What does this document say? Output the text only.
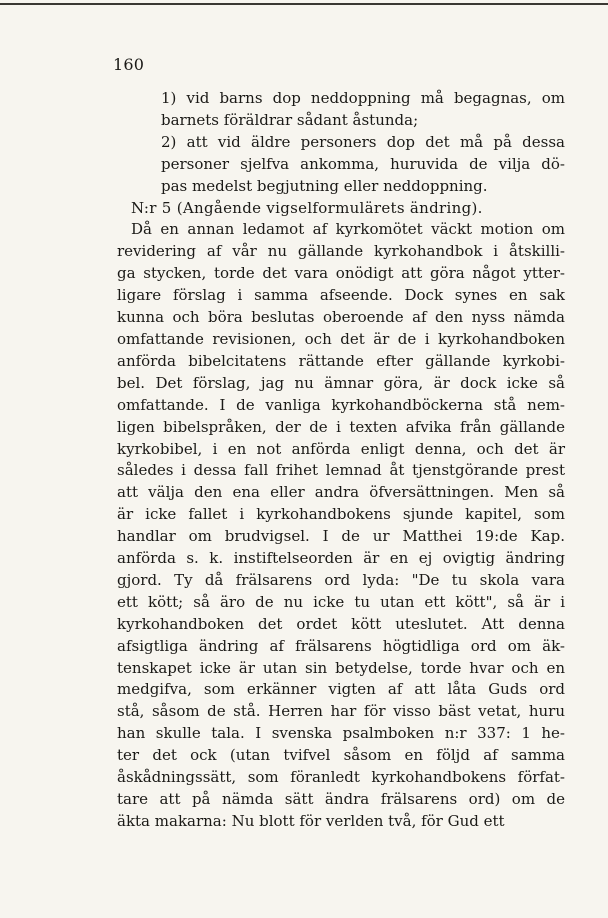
160
1) vid barns dop neddoppning må begagnas, om
barnets föräldrar sådant åstunda;
2) att vid äldre personers dop det må på dessa
personer sjelfva ankomma, huruvida de vilja dö-
pas medelst begjutning eller neddoppning.
N:r 5 (Angående vigselformulärets ändring).
Då en annan ledamot af kyrkomötet väckt motion om
revidering af vår nu gällande kyrkohandbok i åtskilli-
ga stycken, torde det vara onödigt att göra något ytter-
ligare förslag i samma afseende. Dock synes en sak
kunna och böra beslutas oberoende af den nyss nämda
omfattande revisionen, och det är de i kyrkohandboken
anförda bibelcitatens rättande efter gällande kyrkobi-
bel. Det förslag, jag nu ämnar göra, är dock icke så
omfattande. I de vanliga kyrkohandböckerna stå nem-
ligen bibelspråken, der de i texten afvika från gällande
kyrkobibel, i en not anförda enligt denna, och det är
således i dessa fall frihet lemnad åt tjenstgörande prest
att välja den ena eller andra öfversättningen. Men så
är icke fallet i kyrkohandbokens sjunde kapitel, som
handlar om brudvigsel. I de ur Matthei 19:de Kap.
anförda s. k. instiftelseorden är en ej ovigtig ändring
gjord. Ty då frälsarens ord lyda: "De tu skola vara
ett kött; så äro de nu icke tu utan ett kött", så är i
kyrkohandboken det ordet kött uteslutet. Att denna
afsigtliga ändring af frälsarens högtidliga ord om äk-
tenskapet icke är utan sin betydelse, torde hvar och en
medgifva, som erkänner vigten af att låta Guds ord
stå, såsom de stå. Herren har för visso bäst vetat, huru
han skulle tala. I svenska psalmboken n:r 337: 1 he-
ter det ock (utan tvifvel såsom en följd af samma
åskådningssätt, som föranledt kyrkohandbokens förfat-
tare att på nämda sätt ändra frälsarens ord) om de
äkta makarna: Nu blott för verlden två, för Gud ett
